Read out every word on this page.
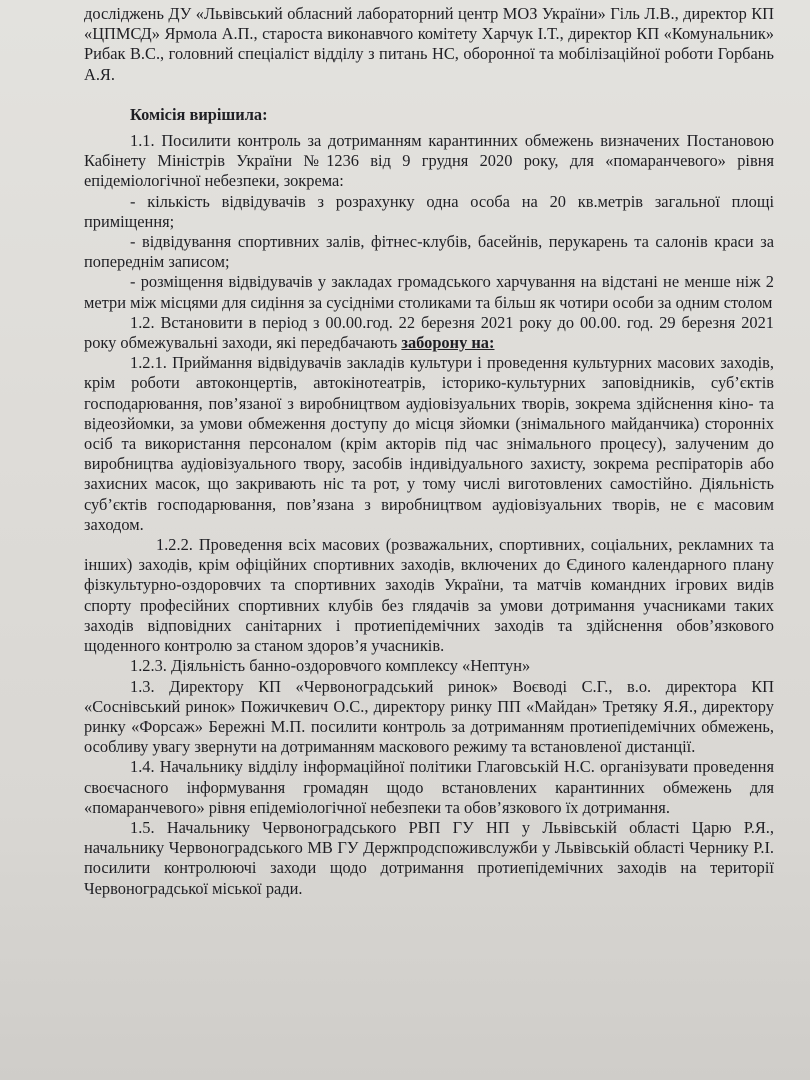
досліджень ДУ «Львівський обласний лабораторний центр МОЗ України» Гіль Л.В., директор КП «ЦПМСД» Ярмола А.П., староста виконавчого комітету Харчук І.Т., директор КП «Комунальник» Рибак В.С., головний спеціаліст відділу з питань НС, оборонної та мобілізаційної роботи Горбань А.Я.

Комісія вирішила:

1.1. Посилити контроль за дотриманням карантинних обмежень визначених Постановою Кабінету Міністрів України №1236 від 9 грудня 2020 року, для «помаранчевого» рівня епідеміологічної небезпеки, зокрема:

- кількість відвідувачів з розрахунку одна особа на 20 кв.метрів загальної площі приміщення;

- відвідування спортивних залів, фітнес-клубів, басейнів, перукарень та салонів краси за попереднім записом;

- розміщення відвідувачів у закладах громадського харчування на відстані не менше ніж 2 метри між місцями для сидіння за сусідніми столиками та більш як чотири особи за одним столом

1.2. Встановити в період з 00.00.год. 22 березня 2021 року до 00.00. год. 29 березня 2021 року обмежувальні заходи, які передбачають заборону на:

1.2.1. Приймання відвідувачів закладів культури і проведення культурних масових заходів, крім роботи автоконцертів, автокінотеатрів, історико-культурних заповідників, суб’єктів господарювання, пов’язаної з виробництвом аудіовізуальних творів, зокрема здійснення кіно- та відеозйомки, за умови обмеження доступу до місця зйомки (знімального майданчика) сторонніх осіб та використання персоналом (крім акторів під час знімального процесу), залученим до виробництва аудіовізуального твору, засобів індивідуального захисту, зокрема респіраторів або захисних масок, що закривають ніс та рот, у тому числі виготовлених самостійно. Діяльність суб’єктів господарювання, пов’язана з виробництвом аудіовізуальних творів, не є масовим заходом.

1.2.2. Проведення всіх масових (розважальних, спортивних, соціальних, рекламних та інших) заходів, крім офіційних спортивних заходів, включених до Єдиного календарного плану фізкультурно-оздоровчих та спортивних заходів України, та матчів командних ігрових видів спорту професійних спортивних клубів без глядачів за умови дотримання учасниками таких заходів відповідних санітарних і протиепідемічних заходів та здійснення обов’язкового щоденного контролю за станом здоров’я учасників.

1.2.3. Діяльність банно-оздоровчого комплексу «Нептун»

1.3. Директору КП «Червоноградський ринок» Воєводі С.Г., в.о. директора КП «Соснівський ринок» Пожичкевич О.С., директору ринку ПП «Майдан» Третяку Я.Я., директору ринку «Форсаж» Бережні М.П. посилити контроль за дотриманням протиепідемічних обмежень, особливу увагу звернути на дотриманням маскового режиму та встановленої дистанції.

1.4. Начальнику відділу інформаційної політики Глаговській Н.С. організувати проведення своєчасного інформування громадян щодо встановлених карантинних обмежень для «помаранчевого» рівня епідеміологічної небезпеки та обов’язкового їх дотримання.

1.5. Начальнику Червоноградського РВП ГУ НП у Львівській області Царю Р.Я., начальнику Червоноградського МВ ГУ Держпродспоживслужби у Львівській області Чернику Р.І. посилити контролюючі заходи щодо дотримання протиепідемічних заходів на території Червоноградської міської ради.
